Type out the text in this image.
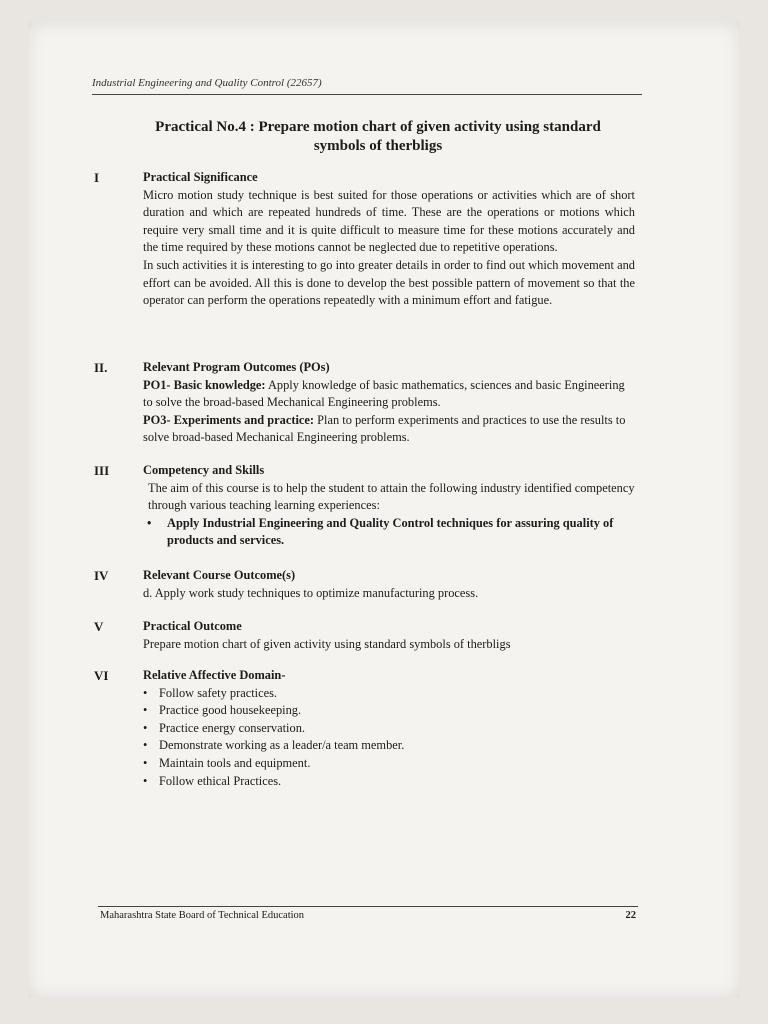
Industrial Engineering and Quality Control (22657)
Practical No.4 : Prepare motion chart of given activity using standard
symbols of therbligs
I	Practical Significance

Micro motion study technique is best suited for those operations or activities which are of short duration and which are repeated hundreds of time. These are the operations or motions which require very small time and it is quite difficult to measure time for these motions accurately and the time required by these motions cannot be neglected due to repetitive operations.

In such activities it is interesting to go into greater details in order to find out which movement and effort can be avoided. All this is done to develop the best possible pattern of movement so that the operator can perform the operations repeatedly with a minimum effort and fatigue.

II.	Relevant Program Outcomes (POs)

PO1- Basic knowledge: Apply knowledge of basic mathematics, sciences and basic Engineering to solve the broad-based Mechanical Engineering problems.

PO3- Experiments and practice: Plan to perform experiments and practices to use the results to solve broad-based Mechanical Engineering problems.

III	Competency and Skills

The aim of this course is to help the student to attain the following industry identified competency through various teaching learning experiences:

•	Apply Industrial Engineering and Quality Control techniques for assuring quality of products and services.
IV	Relevant Course Outcome(s)

d. Apply work study techniques to optimize manufacturing process.

V	Practical Outcome

Prepare motion chart of given activity using standard symbols of therbligs

VI	Relative Affective Domain-
• Follow safety practices.
• Practice good housekeeping.
• Practice energy conservation.
• Demonstrate working as a leader/a team member.
• Maintain tools and equipment.
• Follow ethical Practices.
Maharashtra State Board of Technical Education	22
